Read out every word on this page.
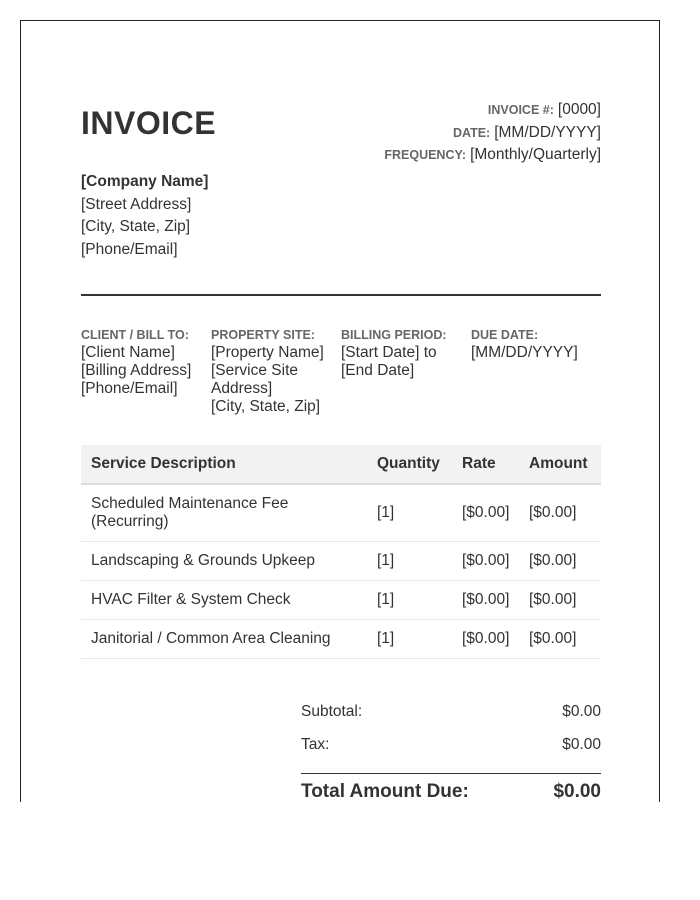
INVOICE	INVOICE #: [0000]
DATE: [MM/DD/YYYY]
FREQUENCY: [Monthly/Quarterly]
[Company Name]
[Street Address]
[City, State, Zip]
[Phone/Email]
CLIENT / BILL TO:
[Client Name]
[Billing Address]
[Phone/Email]
PROPERTY SITE:
[Property Name]
[Service Site
Address]
[City, State, Zip]
BILLING PERIOD:
[Start Date] to
[End Date]
DUE DATE:
[MM/DD/YYYY]
Service Description	Quantity	Rate	Amount
Scheduled Maintenance Fee (Recurring)	[1]	[$0.00]	[$0.00]
Landscaping & Grounds Upkeep	[1]	[$0.00]	[$0.00]
HVAC Filter & System Check	[1]	[$0.00]	[$0.00]
Janitorial / Common Area Cleaning	[1]	[$0.00]	[$0.00]
Subtotal:	$0.00
Tax:	$0.00
Total Amount Due:	$0.00
